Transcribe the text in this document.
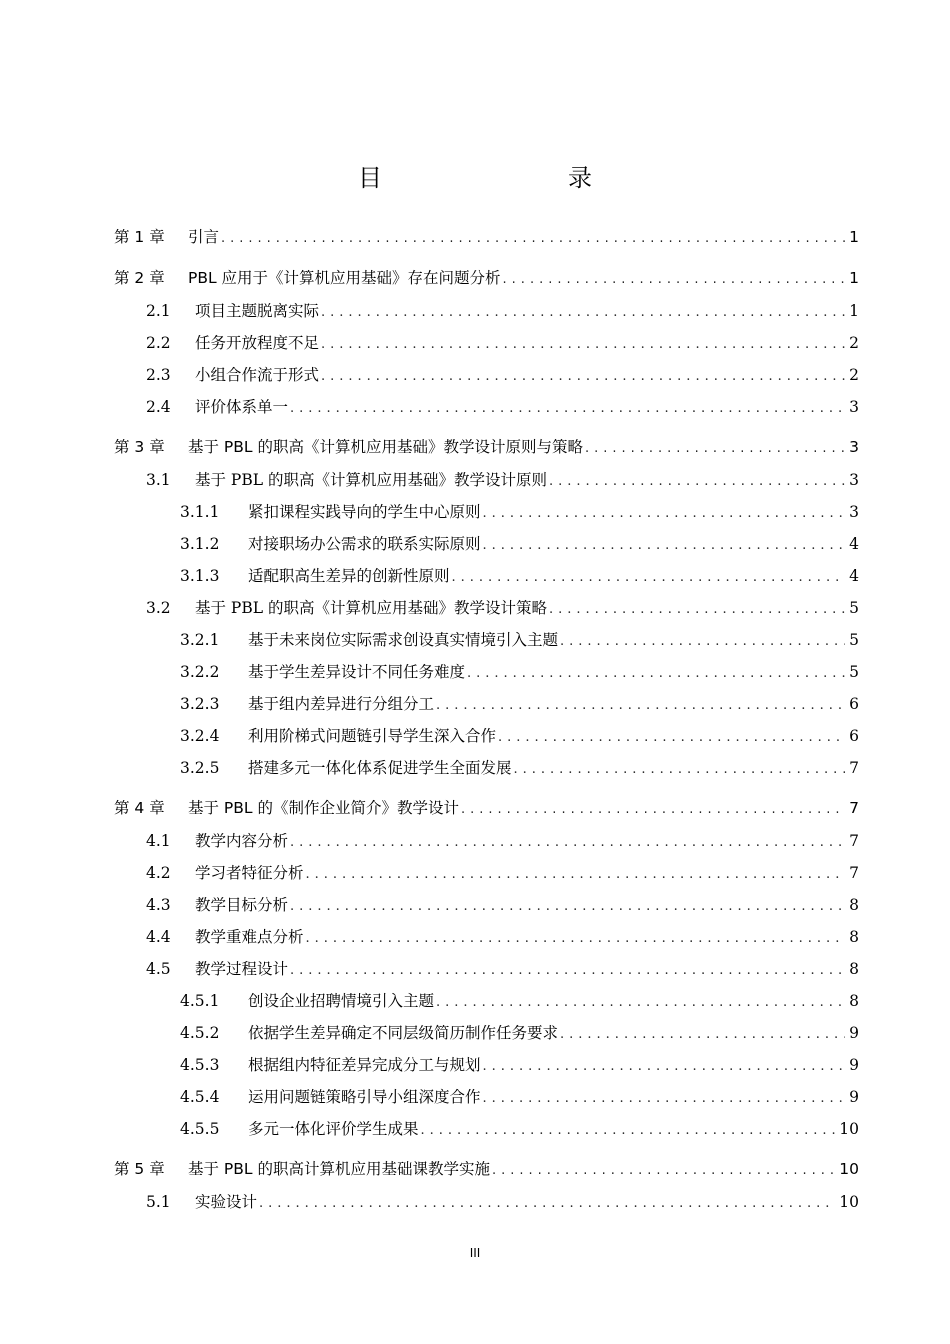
目　　录
第 1 章	引言 .....	1
第 2 章	PBL 应用于《计算机应用基础》存在问题分析 .....	1
2.1	项目主题脱离实际 .....	1
2.2	任务开放程度不足 .....	2
2.3	小组合作流于形式 .....	2
2.4	评价体系单一 .....	3
第 3 章	基于 PBL 的职高《计算机应用基础》教学设计原则与策略 .....	3
3.1	基于 PBL 的职高《计算机应用基础》教学设计原则 .....	3
3.1.1	紧扣课程实践导向的学生中心原则 .....	3
3.1.2	对接职场办公需求的联系实际原则 .....	4
3.1.3	适配职高生差异的创新性原则 .....	4
3.2	基于 PBL 的职高《计算机应用基础》教学设计策略 .....	5
3.2.1	基于未来岗位实际需求创设真实情境引入主题 .....	5
3.2.2	基于学生差异设计不同任务难度 .....	5
3.2.3	基于组内差异进行分组分工 .....	6
3.2.4	利用阶梯式问题链引导学生深入合作 .....	6
3.2.5	搭建多元一体化体系促进学生全面发展 .....	7
第 4 章	基于 PBL 的《制作企业简介》教学设计 .....	7
4.1	教学内容分析 .....	7
4.2	学习者特征分析 .....	7
4.3	教学目标分析 .....	8
4.4	教学重难点分析 .....	8
4.5	教学过程设计 .....	8
4.5.1	创设企业招聘情境引入主题 .....	8
4.5.2	依据学生差异确定不同层级简历制作任务要求 .....	9
4.5.3	根据组内特征差异完成分工与规划 .....	9
4.5.4	运用问题链策略引导小组深度合作 .....	9
4.5.5	多元一体化评价学生成果 .....	10
第 5 章	基于 PBL 的职高计算机应用基础课教学实施 .....	10
5.1	实验设计 .....	10
III
